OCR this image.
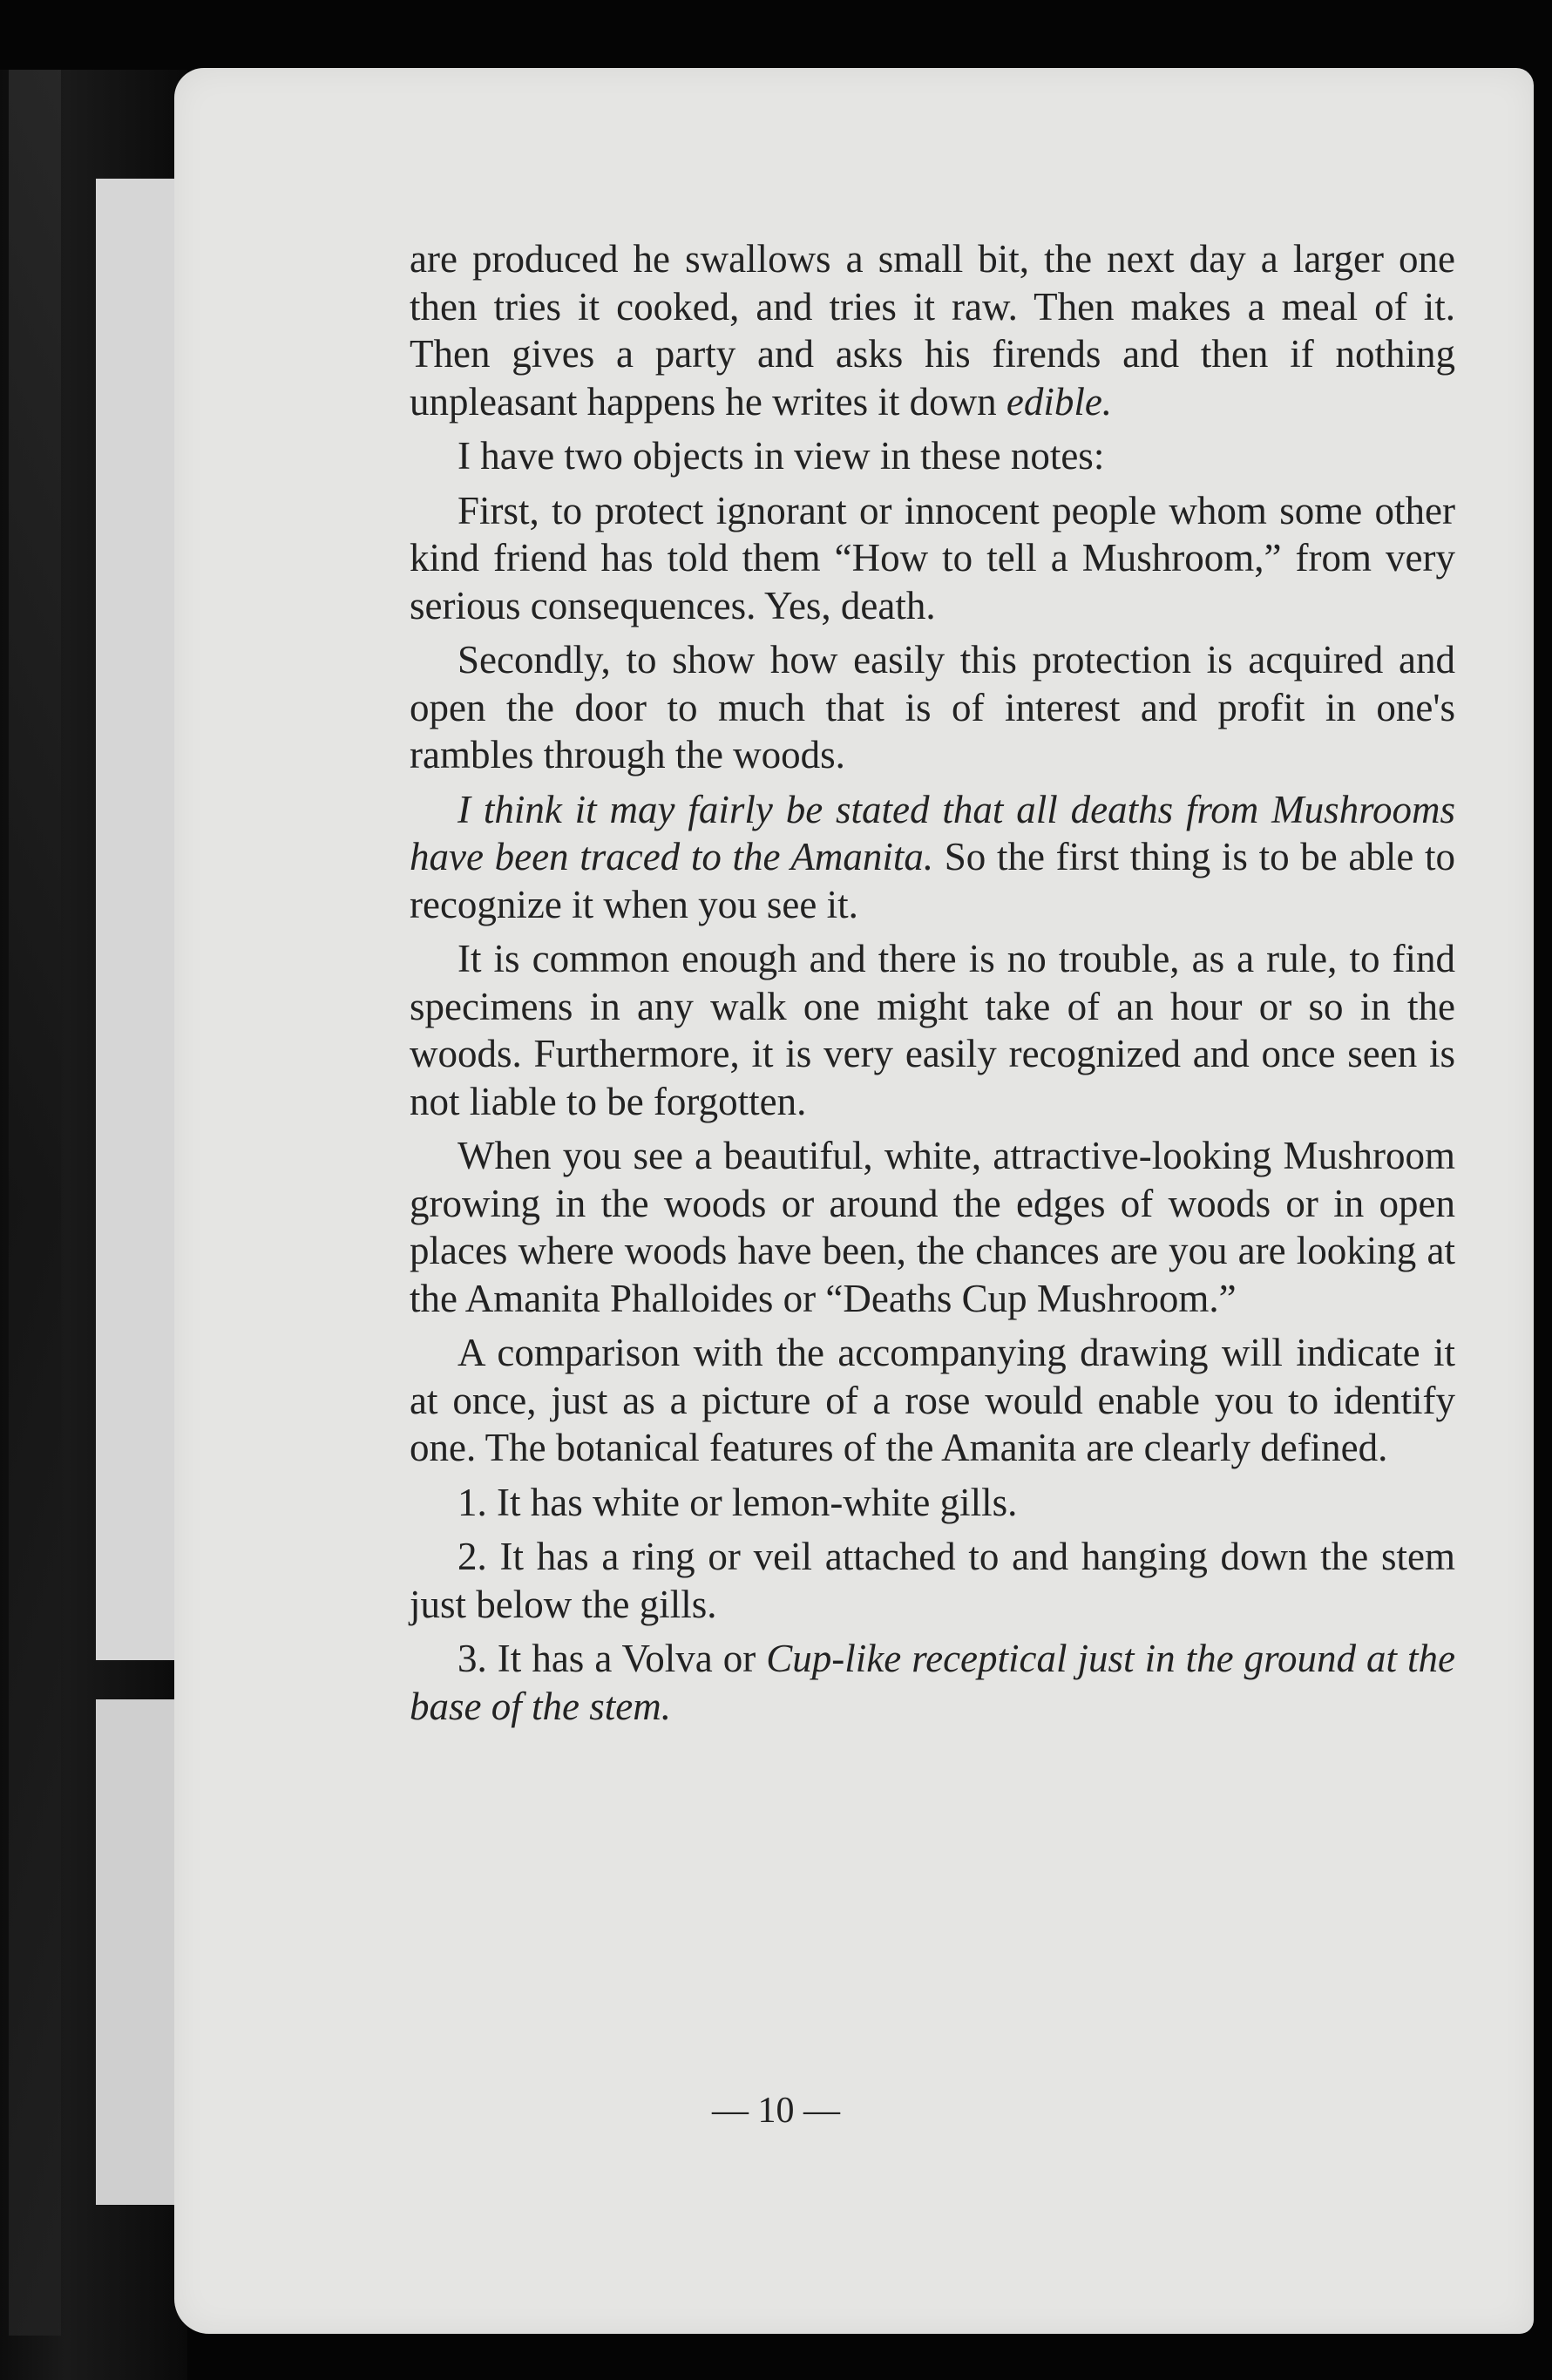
are produced he swallows a small bit, the next day a larger one then tries it cooked, and tries it raw. Then makes a meal of it. Then gives a party and asks his firends and then if nothing unpleasant happens he writes it down edible.

I have two objects in view in these notes:

First, to protect ignorant or innocent people whom some other kind friend has told them “How to tell a Mushroom,” from very serious consequences. Yes, death.

Secondly, to show how easily this protection is acquired and open the door to much that is of interest and profit in one's rambles through the woods.

I think it may fairly be stated that all deaths from Mushrooms have been traced to the Amanita. So the first thing is to be able to recognize it when you see it.

It is common enough and there is no trouble, as a rule, to find specimens in any walk one might take of an hour or so in the woods. Furthermore, it is very easily recognized and once seen is not liable to be forgotten.

When you see a beautiful, white, attractive-looking Mushroom growing in the woods or around the edges of woods or in open places where woods have been, the chances are you are looking at the Amanita Phalloides or “Deaths Cup Mushroom.”

A comparison with the accompanying drawing will indicate it at once, just as a picture of a rose would enable you to identify one. The botanical features of the Amanita are clearly defined.

1. It has white or lemon-white gills.

2. It has a ring or veil attached to and hanging down the stem just below the gills.

3. It has a Volva or Cup-like receptical just in the ground at the base of the stem.

— 10 —
